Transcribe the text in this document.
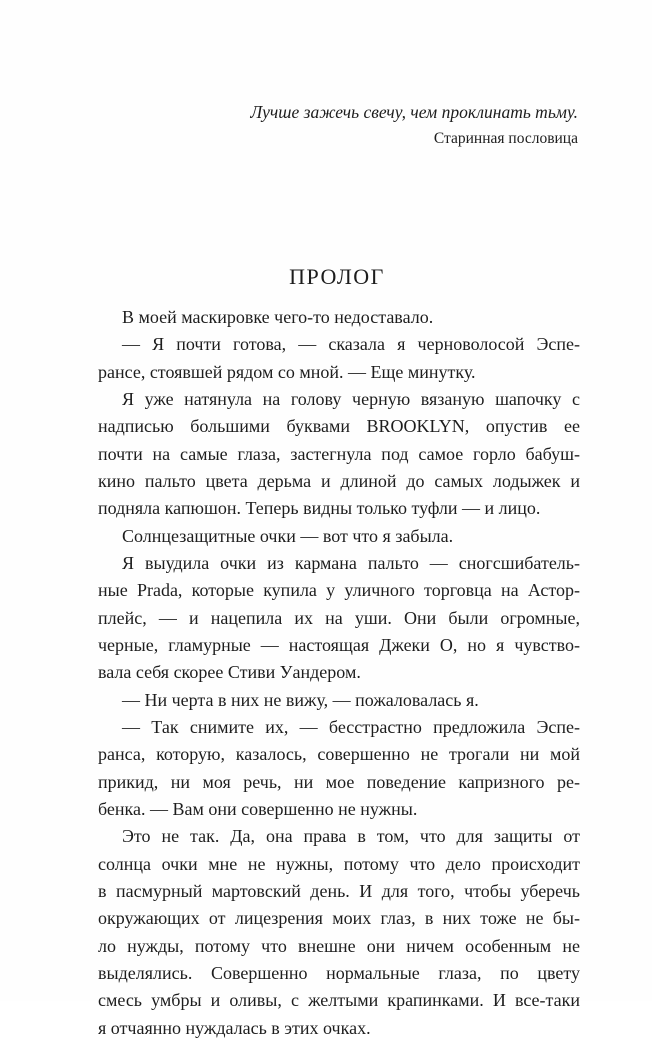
Лучше зажечь свечу, чем проклинать тьму.
Старинная пословица
ПРОЛОГ
В моей маскировке чего-то недоставало.
— Я почти готова, — сказала я черноволосой Эспе-
рансе, стоявшей рядом со мной. — Еще минутку.
Я уже натянула на голову черную вязаную шапочку с
надписью большими буквами BROOKLYN, опустив ее
почти на самые глаза, застегнула под самое горло бабуш-
кино пальто цвета дерьма и длиной до самых лодыжек и
подняла капюшон. Теперь видны только туфли — и лицо.
Солнцезащитные очки — вот что я забыла.
Я выудила очки из кармана пальто — сногсшибатель-
ные Prada, которые купила у уличного торговца на Астор-
плейс, — и нацепила их на уши. Они были огромные,
черные, гламурные — настоящая Джеки О, но я чувство-
вала себя скорее Стиви Уандером.
— Ни черта в них не вижу, — пожаловалась я.
— Так снимите их, — бесстрастно предложила Эспе-
ранса, которую, казалось, совершенно не трогали ни мой
прикид, ни моя речь, ни мое поведение капризного ре-
бенка. — Вам они совершенно не нужны.
Это не так. Да, она права в том, что для защиты от
солнца очки мне не нужны, потому что дело происходит
в пасмурный мартовский день. И для того, чтобы уберечь
окружающих от лицезрения моих глаз, в них тоже не бы-
ло нужды, потому что внешне они ничем особенным не
выделялись. Совершенно нормальные глаза, по цвету
смесь умбры и оливы, с желтыми крапинками. И все-таки
я отчаянно нуждалась в этих очках.
